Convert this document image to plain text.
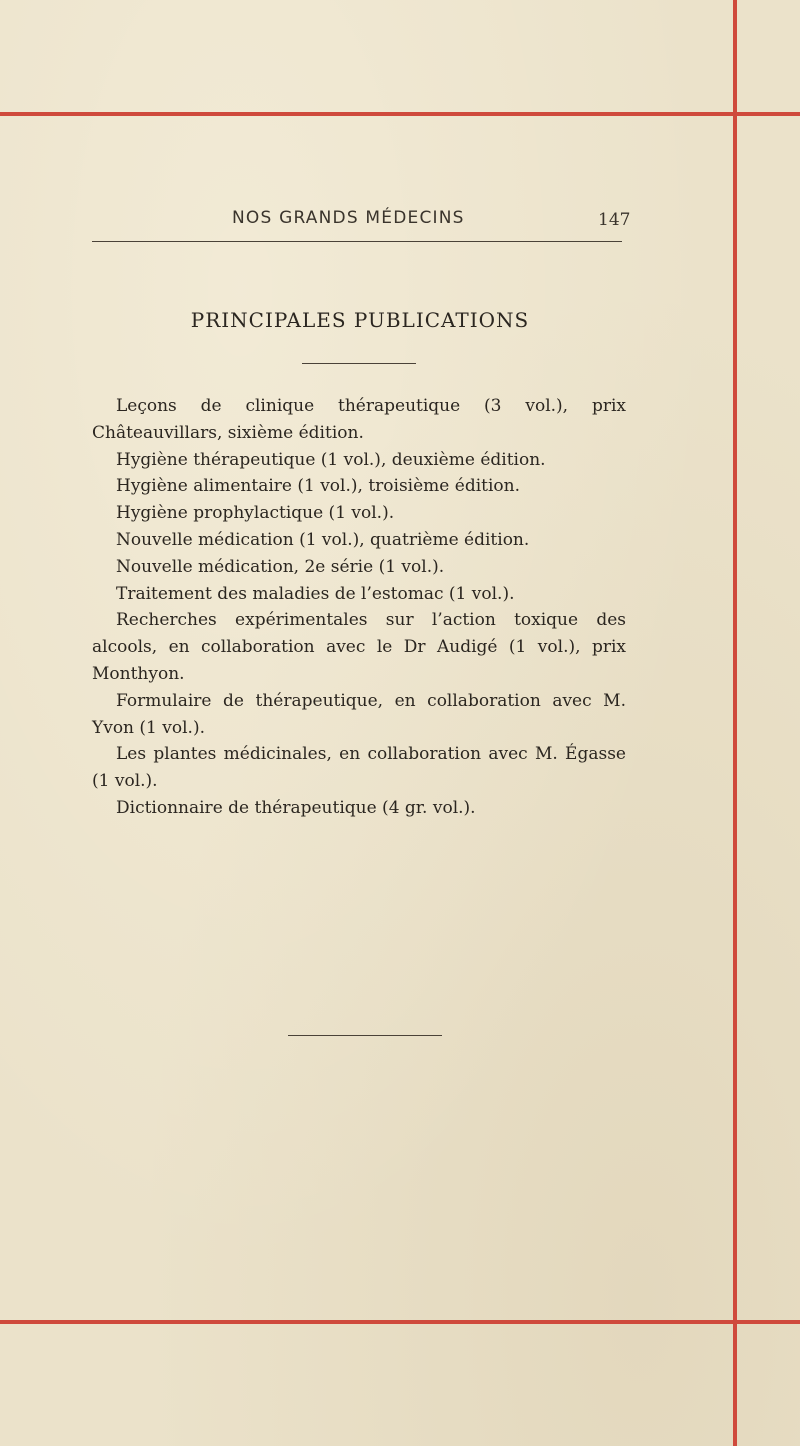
NOS GRANDS MÉDECINS	147
PRINCIPALES PUBLICATIONS
Leçons de clinique thérapeutique (3 vol.), prix Châteauvillars, sixième édition.
Hygiène thérapeutique (1 vol.), deuxième édition.
Hygiène alimentaire (1 vol.), troisième édition.
Hygiène prophylactique (1 vol.).
Nouvelle médication (1 vol.), quatrième édition.
Nouvelle médication, 2e série (1 vol.).
Traitement des maladies de l’estomac (1 vol.).
Recherches expérimentales sur l’action toxique des alcools, en collaboration avec le Dr Audigé (1 vol.), prix Monthyon.
Formulaire de thérapeutique, en collaboration avec M. Yvon (1 vol.).
Les plantes médicinales, en collaboration avec M. Égasse (1 vol.).
Dictionnaire de thérapeutique (4 gr. vol.).
